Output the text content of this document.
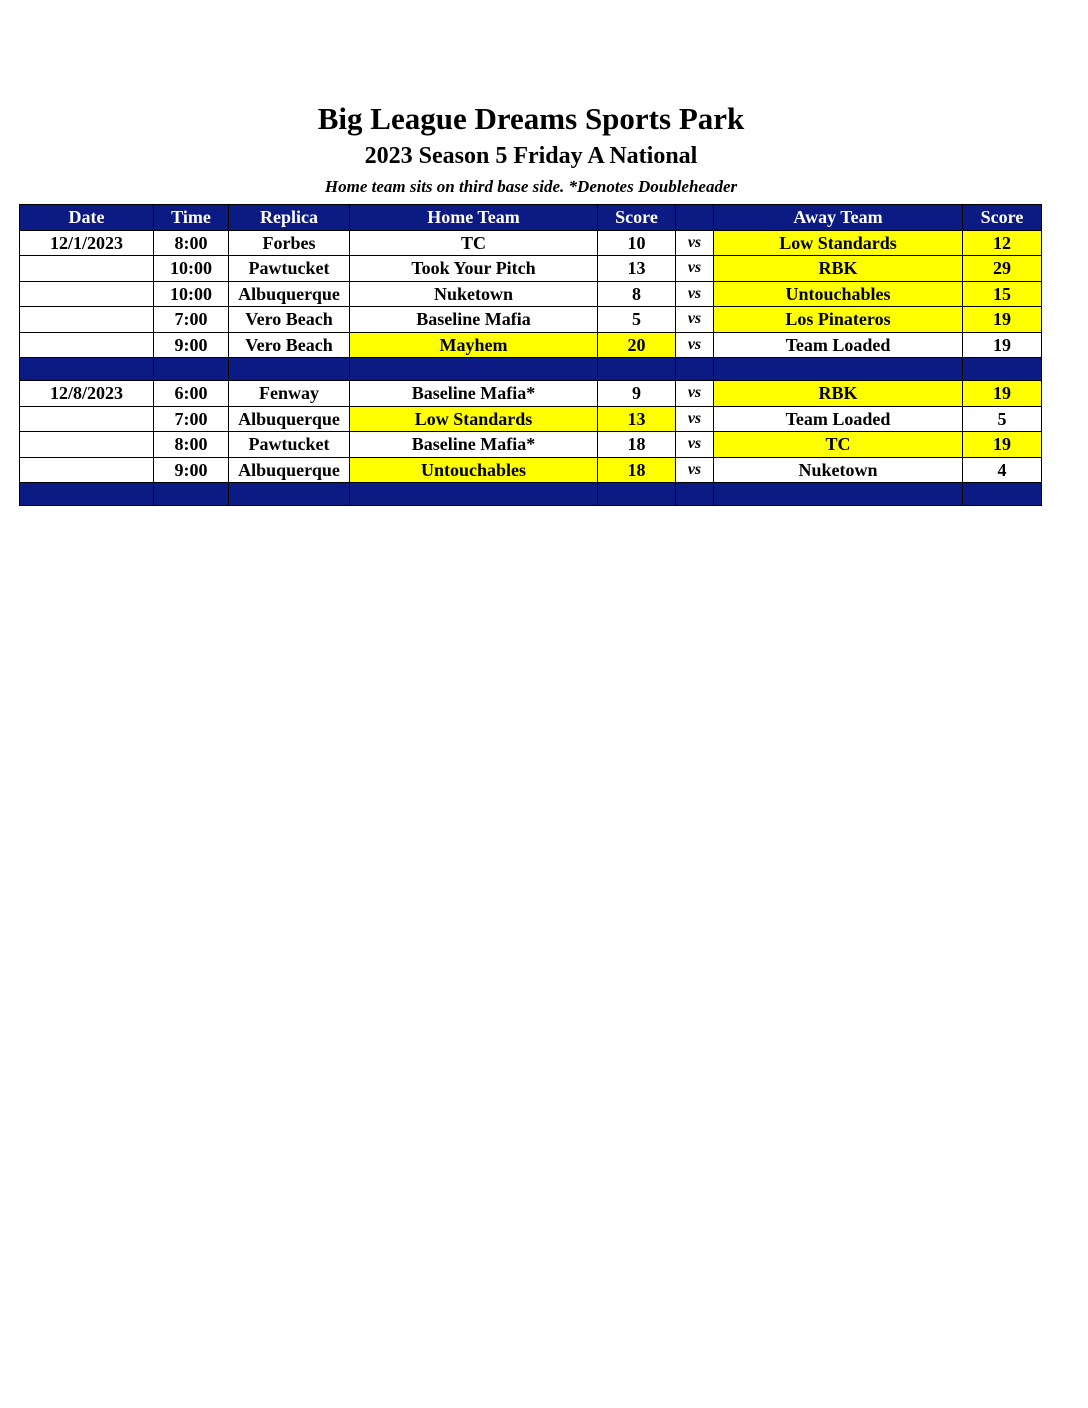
Big League Dreams Sports Park
2023 Season 5 Friday A National
Home team sits on third base side. *Denotes Doubleheader
Date	Time	Replica	Home Team	Score		Away Team	Score
12/1/2023	8:00	Forbes	TC	10	vs	Low Standards	12
	10:00	Pawtucket	Took Your Pitch	13	vs	RBK	29
	10:00	Albuquerque	Nuketown	8	vs	Untouchables	15
	7:00	Vero Beach	Baseline Mafia	5	vs	Los Pinateros	19
	9:00	Vero Beach	Mayhem	20	vs	Team Loaded	19

12/8/2023	6:00	Fenway	Baseline Mafia*	9	vs	RBK	19
	7:00	Albuquerque	Low Standards	13	vs	Team Loaded	5
	8:00	Pawtucket	Baseline Mafia*	18	vs	TC	19
	9:00	Albuquerque	Untouchables	18	vs	Nuketown	4
